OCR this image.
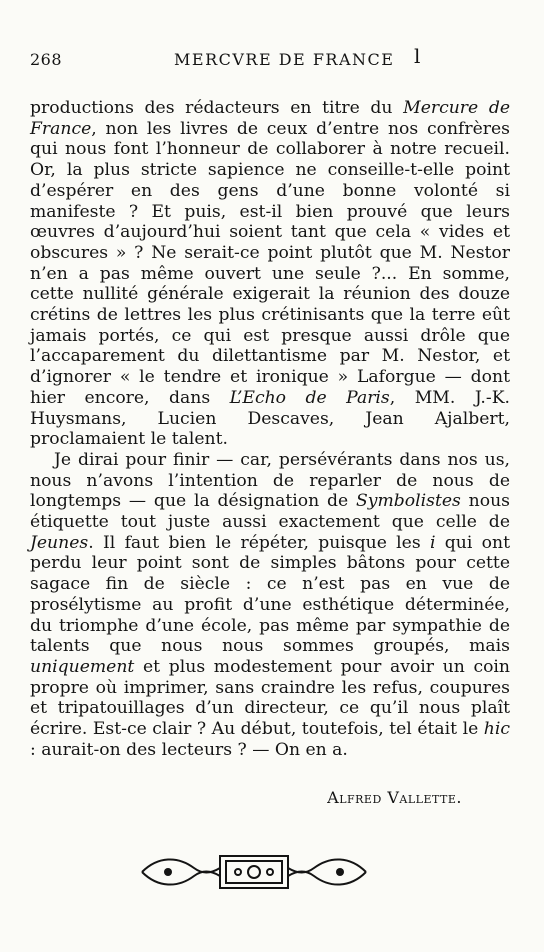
268	MERCVRE DE FRANCE l

productions des rédacteurs en titre du Mercure de France, non les livres de ceux d’entre nos confrères qui nous font l’honneur de collaborer à notre recueil. Or, la plus stricte sapience ne conseille-t-elle point d’espérer en des gens d’une bonne volonté si manifeste ? Et puis, est-il bien prouvé que leurs œuvres d’aujourd’hui soient tant que cela « vides et obscures » ? Ne serait-ce point plutôt que M. Nestor n’en a pas même ouvert une seule ?... En somme, cette nullité générale exigerait la réunion des douze crétins de lettres les plus crétinisants que la terre eût jamais portés, ce qui est presque aussi drôle que l’accaparement du dilettantisme par M. Nestor, et d’ignorer « le tendre et ironique » Laforgue — dont hier encore, dans L’Echo de Paris, MM. J.-K. Huysmans, Lucien Descaves, Jean Ajalbert, proclamaient le talent.

Je dirai pour finir — car, persévérants dans nos us, nous n’avons l’intention de reparler de nous de longtemps — que la désignation de Symbolistes nous étiquette tout juste aussi exactement que celle de Jeunes. Il faut bien le répéter, puisque les i qui ont perdu leur point sont de simples bâtons pour cette sagace fin de siècle : ce n’est pas en vue de prosélytisme au profit d’une esthétique déterminée, du triomphe d’une école, pas même par sympathie de talents que nous nous sommes groupés, mais uniquement et plus modestement pour avoir un coin propre où imprimer, sans craindre les refus, coupures et tripatouillages d’un directeur, ce qu’il nous plaît écrire. Est-ce clair ? Au début, toutefois, tel était le hic : aurait-on des lecteurs ? — On en a.

Alfred Vallette.
